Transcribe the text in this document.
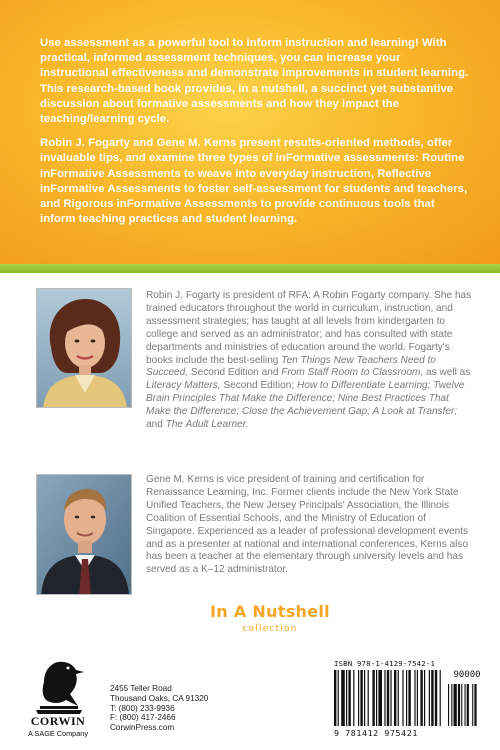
Use assessment as a powerful tool to inform instruction and learning! With practical, informed assessment techniques, you can increase your instructional effectiveness and demonstrate improvements in student learning. This research-based book provides, in a nutshell, a succinct yet substantive discussion about formative assessments and how they impact the teaching/learning cycle.

Robin J. Fogarty and Gene M. Kerns present results-oriented methods, offer invaluable tips, and examine three types of inFormative assessments: Routine inFormative Assessments to weave into everyday instruction, Reflective inFormative Assessments to foster self-assessment for students and teachers, and Rigorous inFormative Assessments to provide continuous tools that inform teaching practices and student learning.

Robin J. Fogarty is president of RFA: A Robin Fogarty company. She has trained educators throughout the world in curriculum, instruction, and assessment strategies; has taught at all levels from kindergarten to college and served as an administrator; and has consulted with state departments and ministries of education around the world. Fogarty's books include the best-selling Ten Things New Teachers Need to Succeed, Second Edition and From Staff Room to Classroom, as well as Literacy Matters, Second Edition; How to Differentiate Learning; Twelve Brain Principles That Make the Difference; Nine Best Practices That Make the Difference; Close the Achievement Gap; A Look at Transfer; and The Adult Learner.
Gene M. Kerns is vice president of training and certification for Renaissance Learning, Inc. Former clients include the New York State Unified Teachers, the New Jersey Principals' Association, the Illinois Coalition of Essential Schools, and the Ministry of Education of Singapore. Experienced as a leader of professional development events and as a presenter at national and international conferences, Kerns also has been a teacher at the elementary through university levels and has served as a K–12 administrator.
In A Nutshell
collection
CORWIN
A SAGE Company
2455 Teller Road
Thousand Oaks, CA 91320
T: (800) 233-9936
F: (800) 417-2466
CorwinPress.com
ISBN 978-1-4129-7542-1
9 781412 975421
90000
